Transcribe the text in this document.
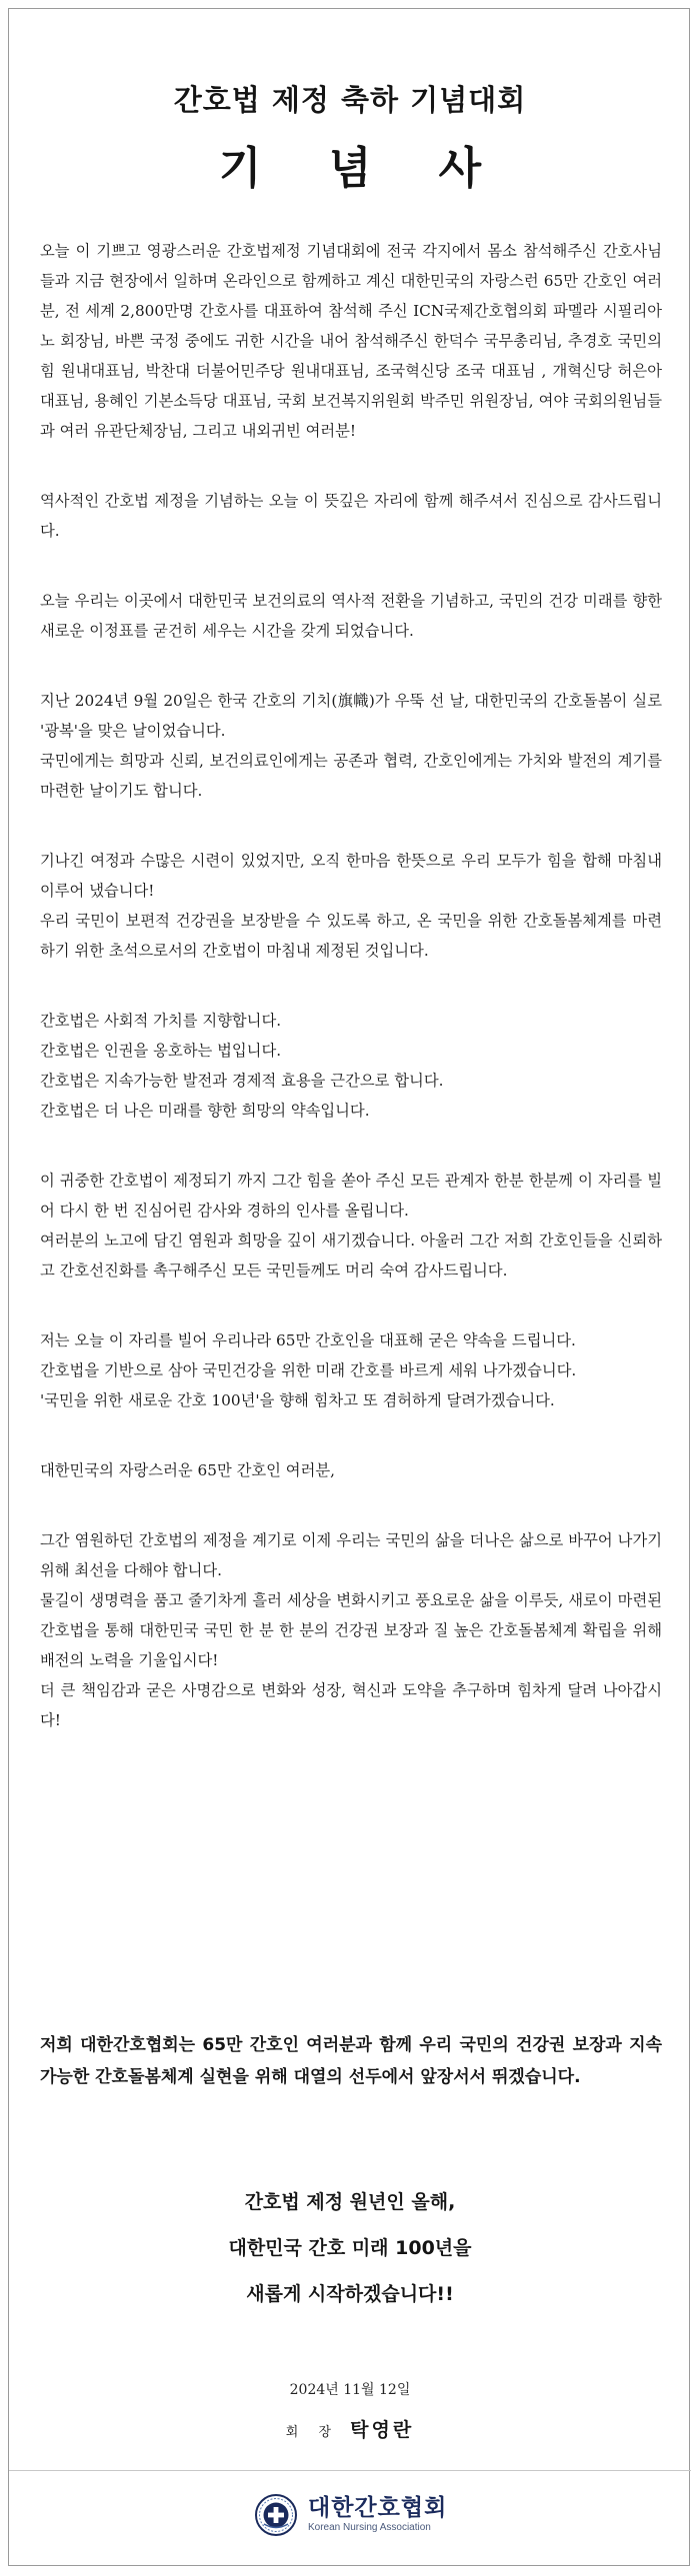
간호법 제정 축하 기념대회
기 념 사

오늘 이 기쁘고 영광스러운 간호법제정 기념대회에 전국 각지에서 몸소 참석해주신 간호사님들과 지금 현장에서 일하며 온라인으로 함께하고 계신 대한민국의 자랑스런 65만 간호인 여러분, 전 세계 2,800만명 간호사를 대표하여 참석해 주신 ICN국제간호협의회 파멜라 시필리아노 회장님, 바쁜 국정 중에도 귀한 시간을 내어 참석해주신 한덕수 국무총리님, 추경호 국민의 힘 원내대표님, 박찬대 더불어민주당 원내대표님, 조국혁신당 조국 대표님 , 개혁신당 허은아 대표님, 용혜인 기본소득당 대표님, 국회 보건복지위원회 박주민 위원장님, 여야 국회의원님들과 여러 유관단체장님, 그리고 내외귀빈 여러분!

역사적인 간호법 제정을 기념하는 오늘 이 뜻깊은 자리에 함께 해주셔서 진심으로 감사드립니다.

오늘 우리는 이곳에서 대한민국 보건의료의 역사적 전환을 기념하고, 국민의 건강 미래를 향한 새로운 이정표를 굳건히 세우는 시간을 갖게 되었습니다.

지난 2024년 9월 20일은 한국 간호의 기치(旗幟)가 우뚝 선 날, 대한민국의 간호돌봄이 실로 '광복'을 맞은 날이었습니다.

국민에게는 희망과 신뢰, 보건의료인에게는 공존과 협력, 간호인에게는 가치와 발전의 계기를 마련한 날이기도 합니다.

기나긴 여정과 수많은 시련이 있었지만, 오직 한마음 한뜻으로 우리 모두가 힘을 합해 마침내 이루어 냈습니다!

우리 국민이 보편적 건강권을 보장받을 수 있도록 하고, 온 국민을 위한 간호돌봄체계를 마련하기 위한 초석으로서의 간호법이 마침내 제정된 것입니다.

간호법은 사회적 가치를 지향합니다.

간호법은 인권을 옹호하는 법입니다.

간호법은 지속가능한 발전과 경제적 효용을 근간으로 합니다.

간호법은 더 나은 미래를 향한 희망의 약속입니다.

이 귀중한 간호법이 제정되기 까지 그간 힘을 쏟아 주신 모든 관계자 한분 한분께 이 자리를 빌어 다시 한 번 진심어린 감사와 경하의 인사를 올립니다.

여러분의 노고에 담긴 염원과 희망을 깊이 새기겠습니다. 아울러 그간 저희 간호인들을 신뢰하고 간호선진화를 촉구해주신 모든 국민들께도 머리 숙여 감사드립니다.

저는 오늘 이 자리를 빌어 우리나라 65만 간호인을 대표해 굳은 약속을 드립니다.

간호법을 기반으로 삼아 국민건강을 위한 미래 간호를 바르게 세워 나가겠습니다.

'국민을 위한 새로운 간호 100년'을 향해 힘차고 또 겸허하게 달려가겠습니다.

대한민국의 자랑스러운 65만 간호인 여러분,

그간 염원하던 간호법의 제정을 계기로 이제 우리는 국민의 삶을 더나은 삶으로 바꾸어 나가기 위해 최선을 다해야 합니다.

물길이 생명력을 품고 줄기차게 흘러 세상을 변화시키고 풍요로운 삶을 이루듯, 새로이 마련된 간호법을 통해 대한민국 국민 한 분 한 분의 건강권 보장과 질 높은 간호돌봄체계 확립을 위해 배전의 노력을 기울입시다!

더 큰 책임감과 굳은 사명감으로 변화와 성장, 혁신과 도약을 추구하며 힘차게 달려 나아갑시다!

저희 대한간호협회는 65만 간호인 여러분과 함께 우리 국민의 건강권 보장과 지속 가능한 간호돌봄체계 실현을 위해 대열의 선두에서 앞장서서 뛰겠습니다.
간호법 제정 원년인 올해,
대한민국 간호 미래 100년을
새롭게 시작하겠습니다!!
2024년 11월 12일
회 장 탁영란
대한간호협회
Korean Nursing Association
